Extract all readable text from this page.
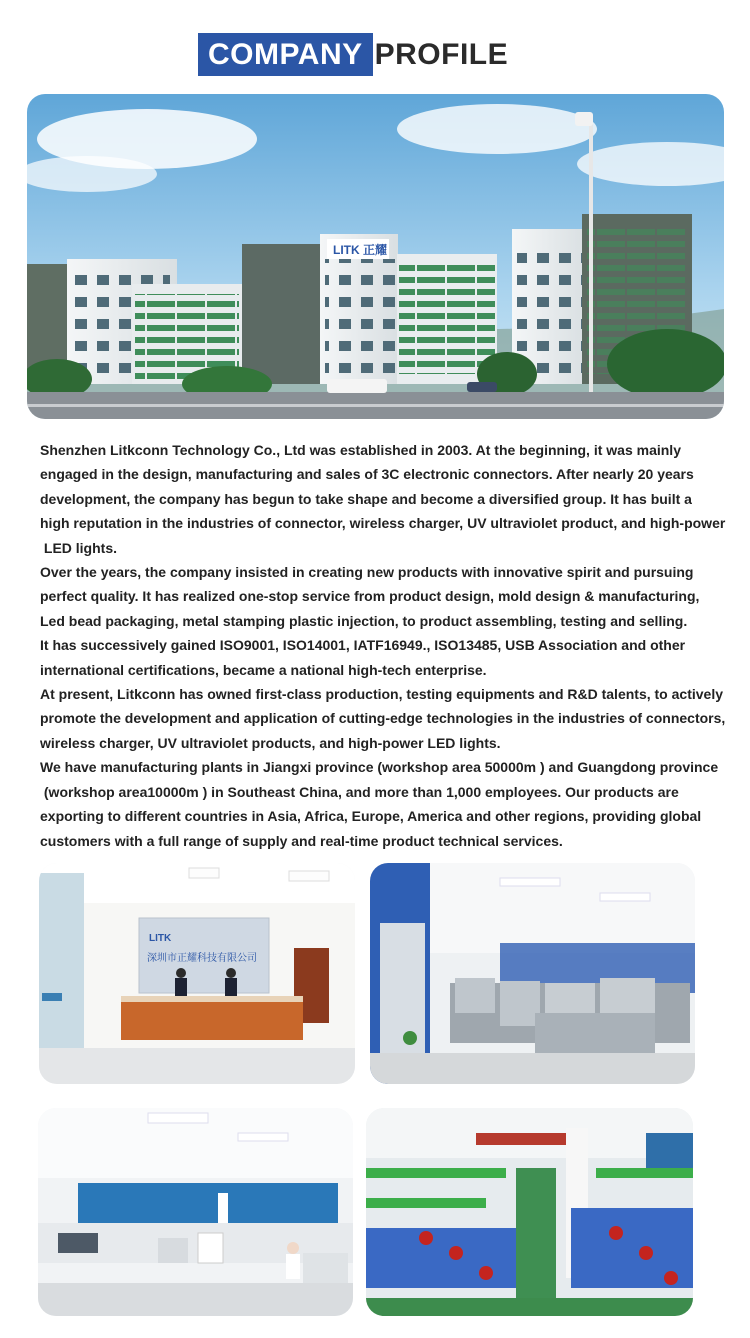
COMPANY PROFILE
LITK 正耀

Shenzhen Litkconn Technology Co., Ltd was established in 2003. At the beginning, it was mainly

engaged in the design, manufacturing and sales of 3C electronic connectors. After nearly 20 years

development, the company has begun to take shape and become a diversified group. It has built a

high reputation in the industries of connector, wireless charger, UV ultraviolet product, and high-power

LED lights.

Over the years, the company insisted in creating new products with innovative spirit and pursuing

perfect quality. It has realized one-stop service from product design, mold design & manufacturing,

Led bead packaging, metal stamping plastic injection, to product assembling, testing and selling.

It has successively gained ISO9001, ISO14001, IATF16949., ISO13485, USB Association and other

international certifications, became a national high-tech enterprise.

At present, Litkconn has owned first-class production, testing equipments and R&D talents, to actively

promote the development and application of cutting-edge technologies in the industries of connectors,

wireless charger, UV ultraviolet products, and high-power LED lights.

We have manufacturing plants in Jiangxi province (workshop area 50000m ) and Guangdong province

(workshop area10000m ) in Southeast China, and more than 1,000 employees. Our products are

exporting to different countries in Asia, Africa, Europe, America and other regions, providing global

customers with a full range of supply and real-time product technical services.

LITK
深圳市正耀科技有限公司
